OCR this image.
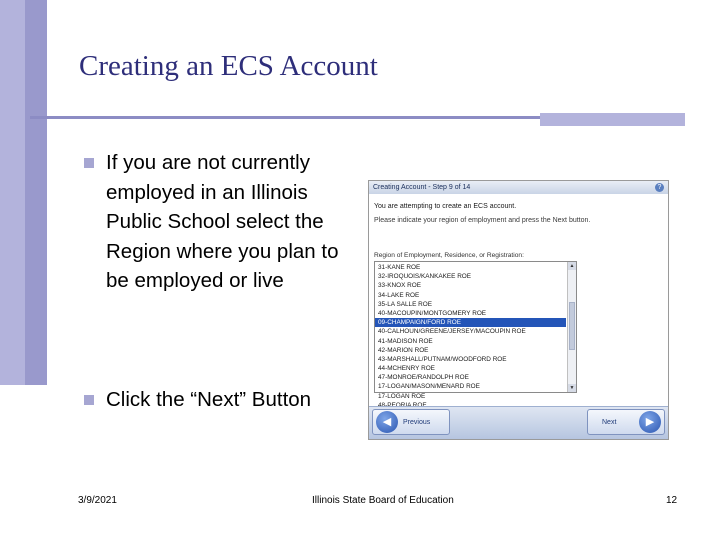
Creating an ECS Account
If you are not currently employed in an Illinois Public School select the Region where you plan to be employed or live
Click the “Next” Button
Creating Account - Step 9 of 14	?
You are attempting to create an ECS account.
Please indicate your region of employment and press the Next button.
Region of Employment, Residence, or Registration:
31-KANE ROE
32-IROQUOIS/KANKAKEE ROE
33-KNOX ROE
34-LAKE ROE
35-LA SALLE ROE
40-MACOUPIN/MONTGOMERY ROE
09-CHAMPAIGN/FORD ROE
40-CALHOUN/GREENE/JERSEY/MACOUPIN ROE
41-MADISON ROE
42-MARION ROE
43-MARSHALL/PUTNAM/WOODFORD ROE
44-MCHENRY ROE
47-MONROE/RANDOLPH ROE
17-LOGAN/MASON/MENARD ROE
17-LOGAN ROE
▲
▼
◀	Previous	Next	▶
3/9/2021	Illinois State Board of Education	12
